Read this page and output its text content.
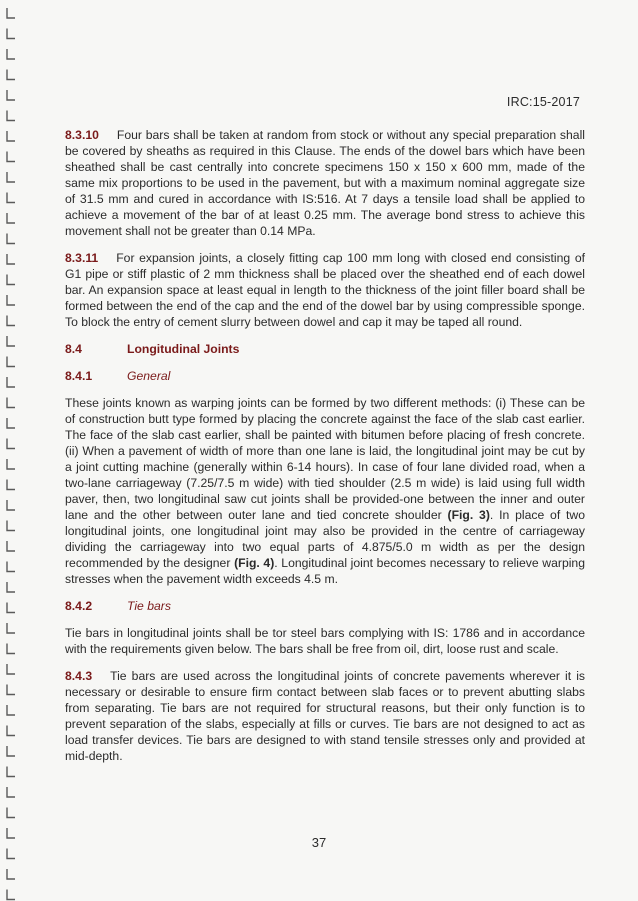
IRC:15-2017

8.3.10 Four bars shall be taken at random from stock or without any special preparation shall be covered by sheaths as required in this Clause. The ends of the dowel bars which have been sheathed shall be cast centrally into concrete specimens 150 x 150 x 600 mm, made of the same mix proportions to be used in the pavement, but with a maximum nominal aggregate size of 31.5 mm and cured in accordance with IS:516. At 7 days a tensile load shall be applied to achieve a movement of the bar of at least 0.25 mm. The average bond stress to achieve this movement shall not be greater than 0.14 MPa.

8.3.11 For expansion joints, a closely fitting cap 100 mm long with closed end consisting of G1 pipe or stiff plastic of 2 mm thickness shall be placed over the sheathed end of each dowel bar. An expansion space at least equal in length to the thickness of the joint filler board shall be formed between the end of the cap and the end of the dowel bar by using compressible sponge. To block the entry of cement slurry between dowel and cap it may be taped all round.

8.4	Longitudinal Joints
8.4.1	General

These joints known as warping joints can be formed by two different methods: (i) These can be of construction butt type formed by placing the concrete against the face of the slab cast earlier. The face of the slab cast earlier, shall be painted with bitumen before placing of fresh concrete. (ii) When a pavement of width of more than one lane is laid, the longitudinal joint may be cut by a joint cutting machine (generally within 6-14 hours). In case of four lane divided road, when a two-lane carriageway (7.25/7.5 m wide) with tied shoulder (2.5 m wide) is laid using full width paver, then, two longitudinal saw cut joints shall be provided-one between the inner and outer lane and the other between outer lane and tied concrete shoulder (Fig. 3). In place of two longitudinal joints, one longitudinal joint may also be provided in the centre of carriageway dividing the carriageway into two equal parts of 4.875/5.0 m width as per the design recommended by the designer (Fig. 4). Longitudinal joint becomes necessary to relieve warping stresses when the pavement width exceeds 4.5 m.

8.4.2	Tie bars

Tie bars in longitudinal joints shall be tor steel bars complying with IS: 1786 and in accordance with the requirements given below. The bars shall be free from oil, dirt, loose rust and scale.

8.4.3 Tie bars are used across the longitudinal joints of concrete pavements wherever it is necessary or desirable to ensure firm contact between slab faces or to prevent abutting slabs from separating. Tie bars are not required for structural reasons, but their only function is to prevent separation of the slabs, especially at fills or curves. Tie bars are not designed to act as load transfer devices. Tie bars are designed to with stand tensile stresses only and provided at mid-depth.

37
